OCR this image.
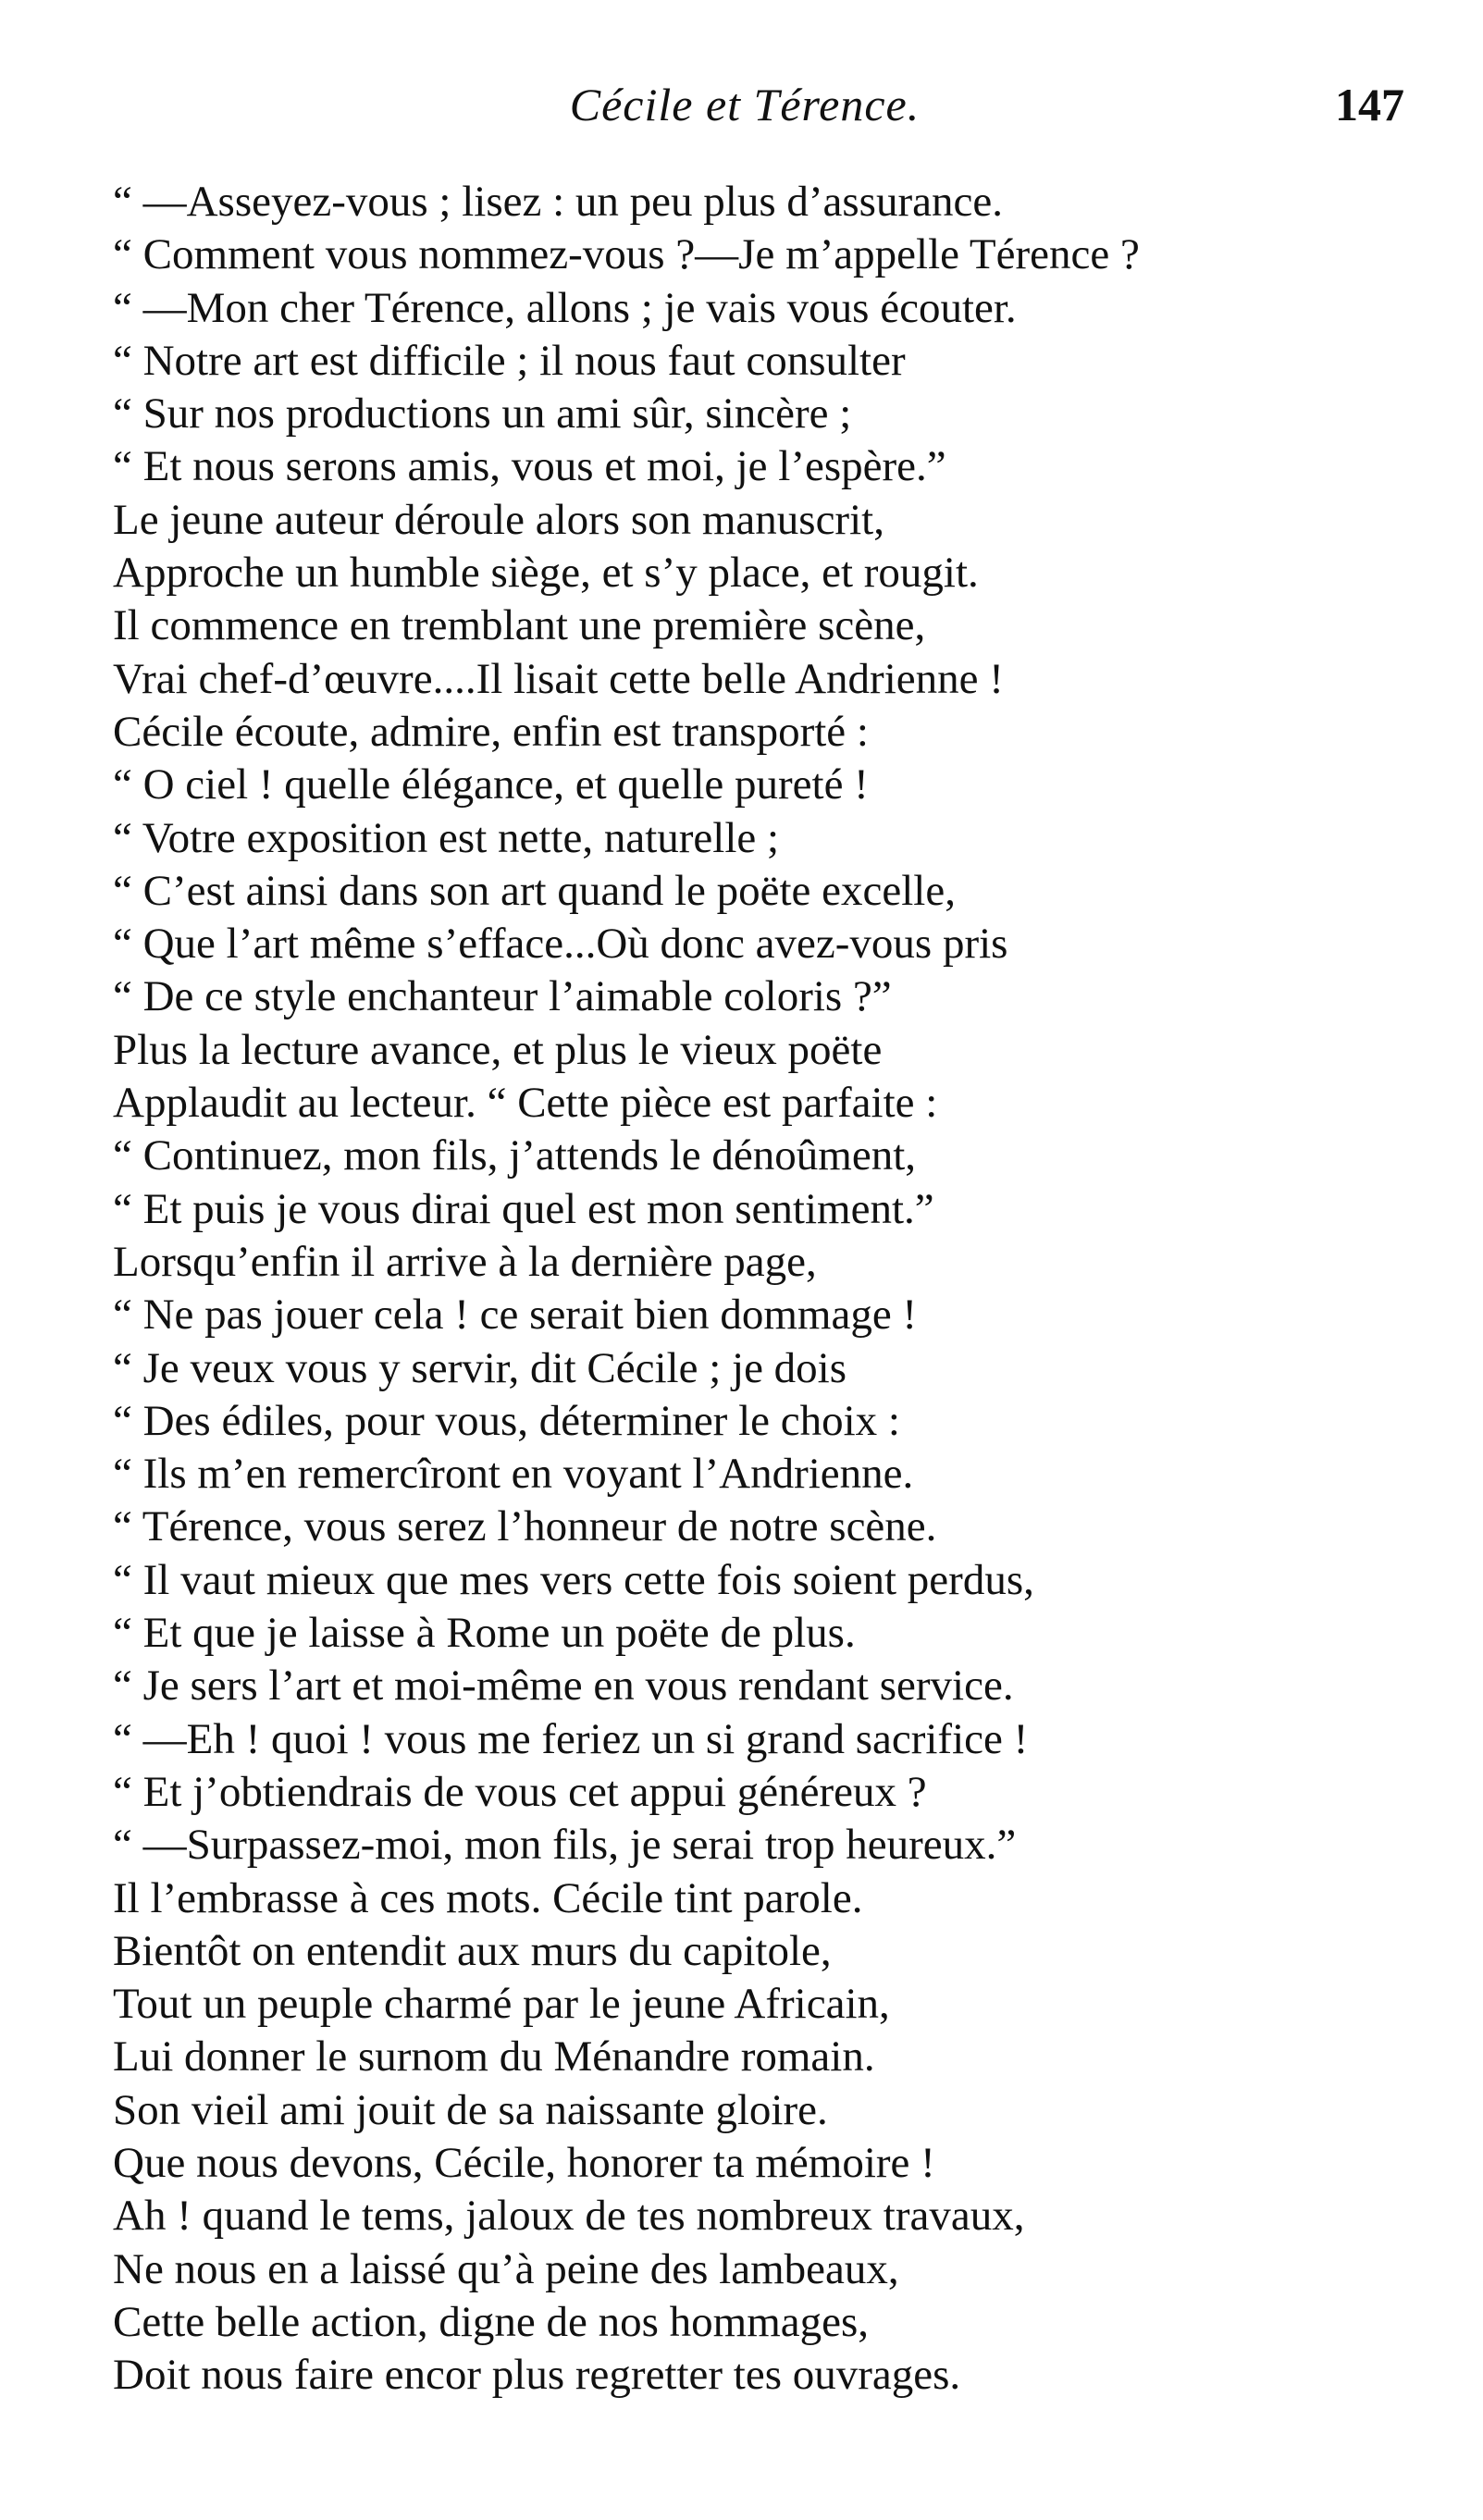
Cécile et Térence.	147
“ —Asseyez-vous ; lisez : un peu plus d’assurance.
“ Comment vous nommez-vous ?—Je m’appelle Térence ?
“ —Mon cher Térence, allons ; je vais vous écouter.
“ Notre art est difficile ; il nous faut consulter
“ Sur nos productions un ami sûr, sincère ;
“ Et nous serons amis, vous et moi, je l’espère.”
Le jeune auteur déroule alors son manuscrit,
Approche un humble siège, et s’y place, et rougit.
Il commence en tremblant une première scène,
Vrai chef-d’œuvre....Il lisait cette belle Andrienne !
Cécile écoute, admire, enfin est transporté :
“ O ciel ! quelle élégance, et quelle pureté !
“ Votre exposition est nette, naturelle ;
“ C’est ainsi dans son art quand le poëte excelle,
“ Que l’art même s’efface...Où donc avez-vous pris
“ De ce style enchanteur l’aimable coloris ?”
Plus la lecture avance, et plus le vieux poëte
Applaudit au lecteur. “ Cette pièce est parfaite :
“ Continuez, mon fils, j’attends le dénoûment,
“ Et puis je vous dirai quel est mon sentiment.”
Lorsqu’enfin il arrive à la dernière page,
“ Ne pas jouer cela ! ce serait bien dommage !
“ Je veux vous y servir, dit Cécile ; je dois
“ Des édiles, pour vous, déterminer le choix :
“ Ils m’en remercîront en voyant l’Andrienne.
“ Térence, vous serez l’honneur de notre scène.
“ Il vaut mieux que mes vers cette fois soient perdus,
“ Et que je laisse à Rome un poëte de plus.
“ Je sers l’art et moi-même en vous rendant service.
“ —Eh ! quoi ! vous me feriez un si grand sacrifice !
“ Et j’obtiendrais de vous cet appui généreux ?
“ —Surpassez-moi, mon fils, je serai trop heureux.”
Il l’embrasse à ces mots. Cécile tint parole.
Bientôt on entendit aux murs du capitole,
Tout un peuple charmé par le jeune Africain,
Lui donner le surnom du Ménandre romain.
Son vieil ami jouit de sa naissante gloire.
Que nous devons, Cécile, honorer ta mémoire !
Ah ! quand le tems, jaloux de tes nombreux travaux,
Ne nous en a laissé qu’à peine des lambeaux,
Cette belle action, digne de nos hommages,
Doit nous faire encor plus regretter tes ouvrages.
